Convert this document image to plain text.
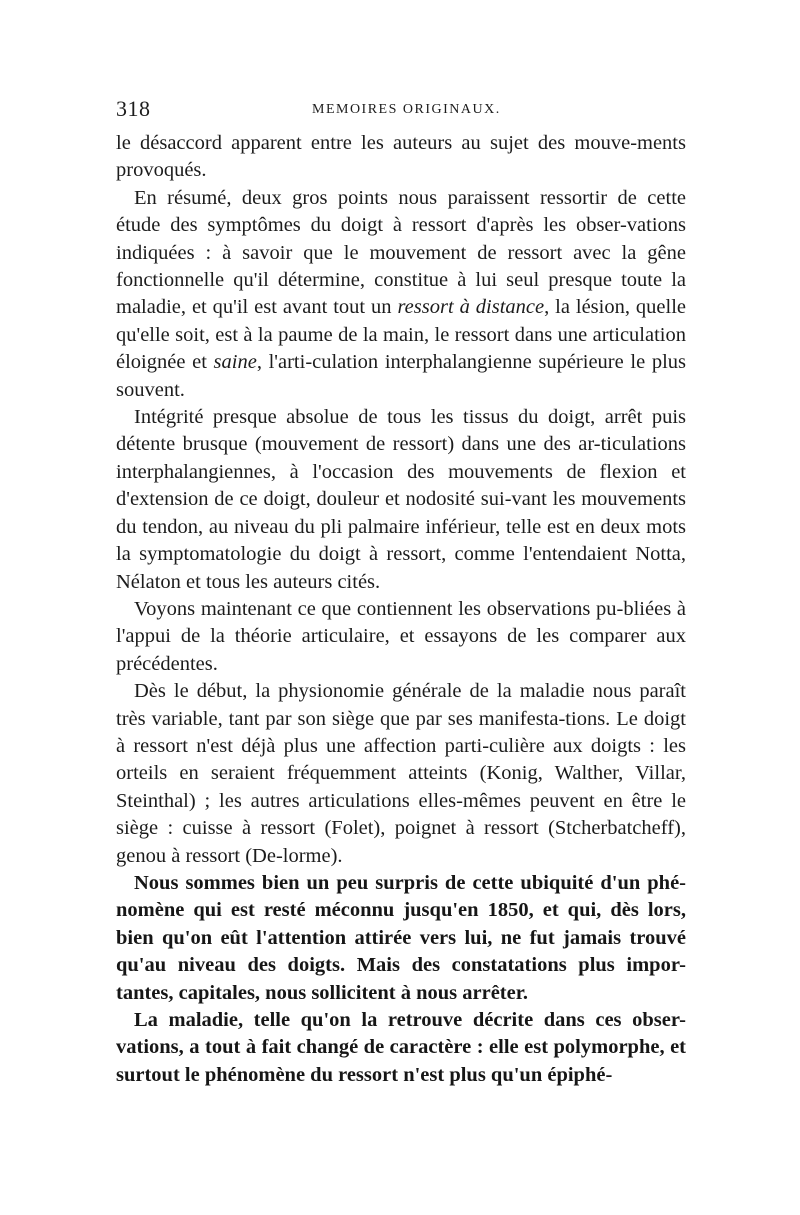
318	MEMOIRES ORIGINAUX.

le désaccord apparent entre les auteurs au sujet des mouve-ments provoqués.

En résumé, deux gros points nous paraissent ressortir de cette étude des symptômes du doigt à ressort d'après les obser-vations indiquées : à savoir que le mouvement de ressort avec la gêne fonctionnelle qu'il détermine, constitue à lui seul presque toute la maladie, et qu'il est avant tout un ressort à distance, la lésion, quelle qu'elle soit, est à la paume de la main, le ressort dans une articulation éloignée et saine, l'arti-culation interphalangienne supérieure le plus souvent.

Intégrité presque absolue de tous les tissus du doigt, arrêt puis détente brusque (mouvement de ressort) dans une des ar-ticulations interphalangiennes, à l'occasion des mouvements de flexion et d'extension de ce doigt, douleur et nodosité sui-vant les mouvements du tendon, au niveau du pli palmaire inférieur, telle est en deux mots la symptomatologie du doigt à ressort, comme l'entendaient Notta, Nélaton et tous les auteurs cités.

Voyons maintenant ce que contiennent les observations pu-bliées à l'appui de la théorie articulaire, et essayons de les comparer aux précédentes.

Dès le début, la physionomie générale de la maladie nous paraît très variable, tant par son siège que par ses manifesta-tions. Le doigt à ressort n'est déjà plus une affection parti-culière aux doigts : les orteils en seraient fréquemment atteints (Konig, Walther, Villar, Steinthal) ; les autres articulations elles-mêmes peuvent en être le siège : cuisse à ressort (Folet), poignet à ressort (Stcherbatcheff), genou à ressort (De-lorme).

Nous sommes bien un peu surpris de cette ubiquité d'un phé-nomène qui est resté méconnu jusqu'en 1850, et qui, dès lors, bien qu'on eût l'attention attirée vers lui, ne fut jamais trouvé qu'au niveau des doigts. Mais des constatations plus impor-tantes, capitales, nous sollicitent à nous arrêter.

La maladie, telle qu'on la retrouve décrite dans ces obser-vations, a tout à fait changé de caractère : elle est polymorphe, et surtout le phénomène du ressort n'est plus qu'un épiphé-
